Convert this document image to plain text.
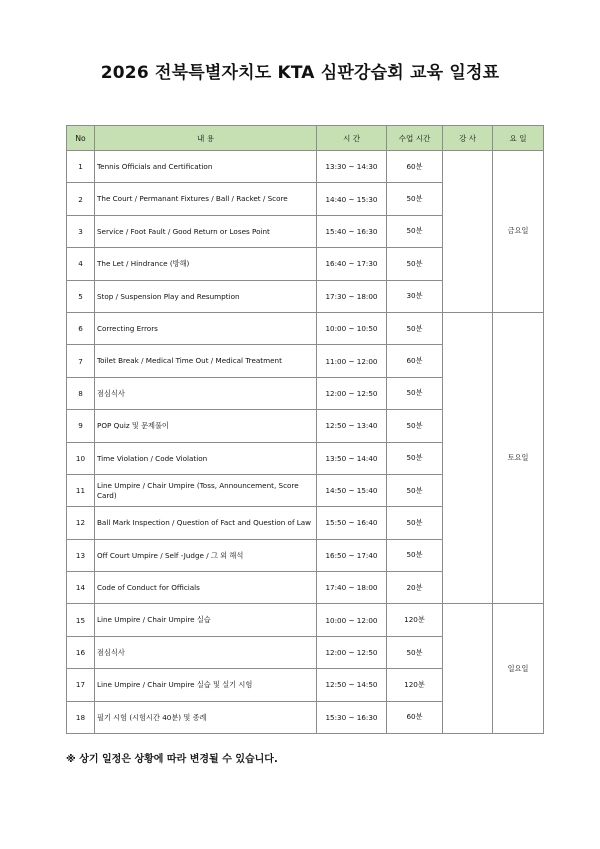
2026 전북특별자치도 KTA 심판강습회 교육 일정표
No	내 용	시 간	수업 시간	강 사	요 일
1	Tennis Officials and Certification	13:30 ~ 14:30	60분		금요일
2	The Court / Permanant Fixtures / Ball / Racket / Score	14:40 ~ 15:30	50분		
3	Service / Foot Fault / Good Return or Loses Point	15:40 ~ 16:30	50분		
4	The Let / Hindrance (방해)	16:40 ~ 17:30	50분		
5	Stop / Suspension Play and Resumption	17:30 ~ 18:00	30분		
6	Correcting Errors	10:00 ~ 10:50	50분		토요일
7	Toilet Break / Medical Time Out / Medical Treatment	11:00 ~ 12:00	60분		
8	점심식사	12:00 ~ 12:50	50분		
9	POP Quiz 및 문제풀이	12:50 ~ 13:40	50분		
10	Time Violation / Code Violation	13:50 ~ 14:40	50분		
11	Line Umpire / Chair Umpire (Toss, Announcement, Score Card)	14:50 ~ 15:40	50분		
12	Ball Mark Inspection / Question of Fact and Question of Law	15:50 ~ 16:40	50분		
13	Off Court Umpire / Self -Judge / 그 외 해석	16:50 ~ 17:40	50분		
14	Code of Conduct for Officials	17:40 ~ 18:00	20분		
15	Line Umpire / Chair Umpire 실습	10:00 ~ 12:00	120분		일요일
16	점심식사	12:00 ~ 12:50	50분		
17	Line Umpire / Chair Umpire 실습 및 실기 시험	12:50 ~ 14:50	120분		
18	필기 시험 (시험시간 40분) 및 종례	15:30 ~ 16:30	60분		
※ 상기 일정은 상황에 따라 변경될 수 있습니다.
